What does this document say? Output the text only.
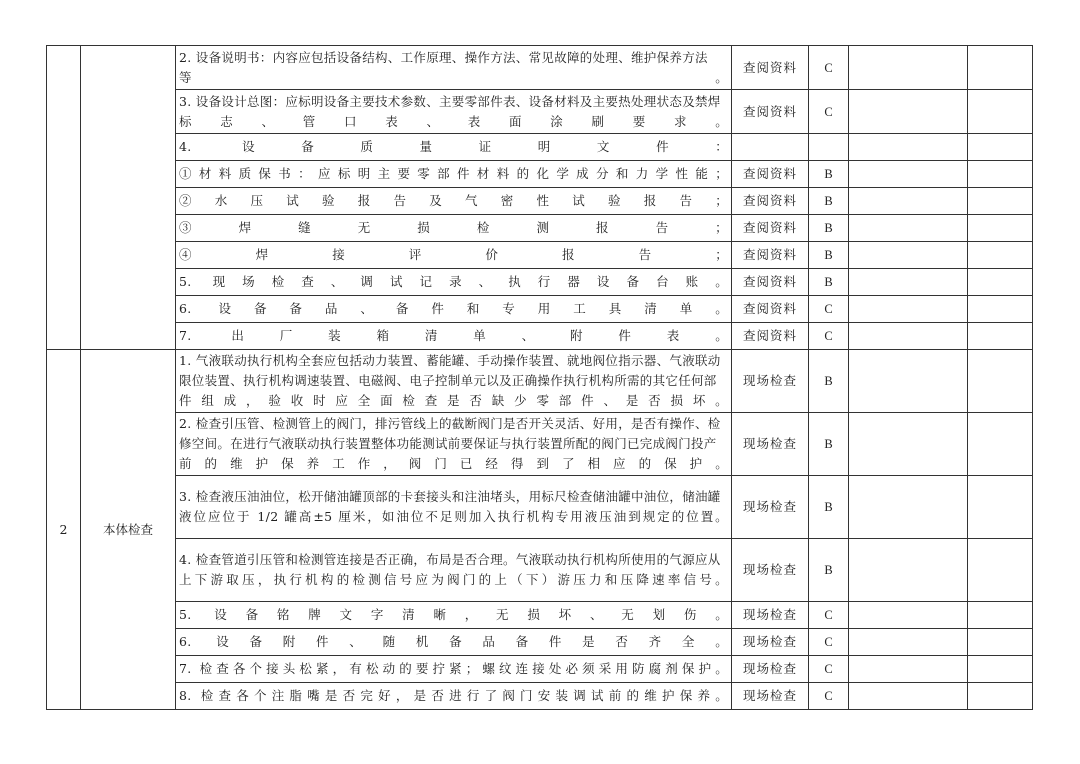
		2. 设备说明书：内容应包括设备结构、工作原理、操作方法、常见故障的处理、维护保养方法等。	查阅资料	C		
		3. 设备设计总图：应标明设备主要技术参数、主要零部件表、设备材料及主要热处理状态及禁焊标志、管口表、表面涂刷要求。	查阅资料	C		
		4. 设备质量证明文件：				
		①材料质保书：应标明主要零部件材料的化学成分和力学性能；	查阅资料	B		
		②水压试验报告及气密性试验报告；	查阅资料	B		
		③焊缝无损检测报告；	查阅资料	B		
		④焊接评价报告；	查阅资料	B		
		5. 现场检查、调试记录、执行器设备台账。	查阅资料	B		
		6. 设备备品、备件和专用工具清单。	查阅资料	C		
		7. 出厂装箱清单、附件表。	查阅资料	C		
2	本体检查	1. 气液联动执行机构全套应包括动力装置、蓄能罐、手动操作装置、就地阀位指示器、气液联动限位装置、执行机构调速装置、电磁阀、电子控制单元以及正确操作执行机构所需的其它任何部件组成，验收时应全面检查是否缺少零部件、是否损坏。	现场检查	B		
		2. 检查引压管、检测管上的阀门，排污管线上的截断阀门是否开关灵活、好用，是否有操作、检修空间。在进行气液联动执行装置整体功能测试前要保证与执行装置所配的阀门已完成阀门投产前的维护保养工作，阀门已经得到了相应的保护。	现场检查	B		
		3. 检查液压油油位，松开储油罐顶部的卡套接头和注油堵头，用标尺检查储油罐中油位，储油罐液位应位于 1/2 罐高±5 厘米，如油位不足则加入执行机构专用液压油到规定的位置。	现场检查	B		
		4. 检查管道引压管和检测管连接是否正确，布局是否合理。气液联动执行机构所使用的气源应从上下游取压，执行机构的检测信号应为阀门的上（下）游压力和压降速率信号。	现场检查	B		
		5. 设备铭牌文字清晰，无损坏、无划伤。	现场检查	C		
		6. 设备附件、随机备品备件是否齐全。	现场检查	C		
		7. 检查各个接头松紧，有松动的要拧紧；螺纹连接处必须采用防腐剂保护。	现场检查	C		
		8. 检查各个注脂嘴是否完好，是否进行了阀门安装调试前的维护保养。	现场检查	C		
